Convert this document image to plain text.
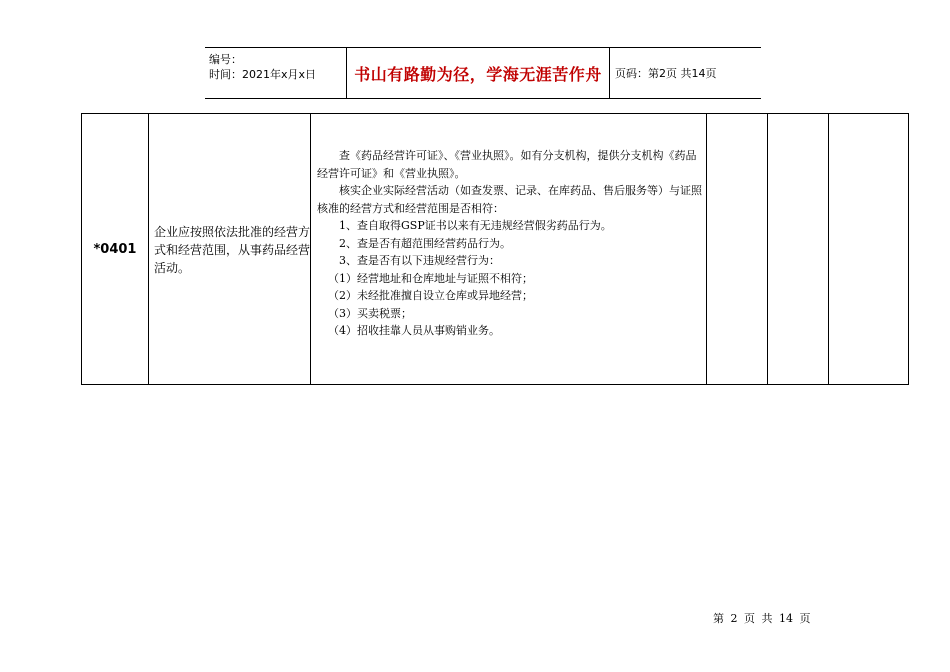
编号：
时间：2021年x月x日	书山有路勤为径，学海无涯苦作舟	页码：第2页 共14页
*0401
企业应按照依法批准的经营方式和经营范围，从事药品经营活动。

查《药品经营许可证》、《营业执照》。如有分支机构，提供分支机构《药品经营许可证》和《营业执照》。

核实企业实际经营活动（如查发票、记录、在库药品、售后服务等）与证照核准的经营方式和经营范围是否相符：

1、查自取得GSP证书以来有无违规经营假劣药品行为。

2、查是否有超范围经营药品行为。

3、查是否有以下违规经营行为：

（1）经营地址和仓库地址与证照不相符；

（2）未经批准擅自设立仓库或异地经营；

（3）买卖税票；

（4）招收挂靠人员从事购销业务。

第 2 页 共 14 页
